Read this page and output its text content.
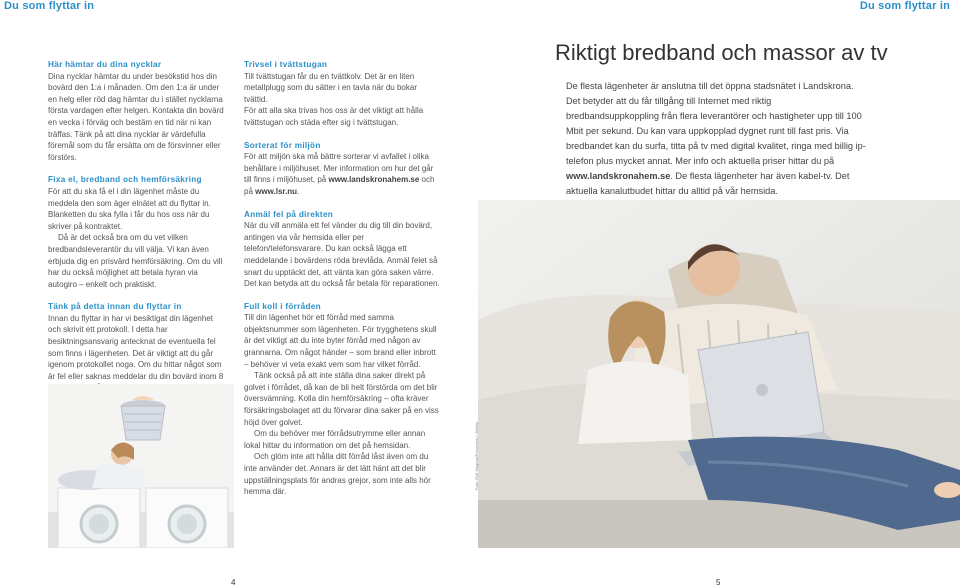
Du som flyttar in	Du som flyttar in
Här hämtar du dina nycklar

Dina nycklar hämtar du under besökstid hos din bovärd den 1:a i månaden. Om den 1:a är under en helg eller röd dag hämtar du i stället nycklarna första vardagen efter helgen. Kontakta din bovärd en vecka i förväg och bestäm en tid när ni kan träffas. Tänk på att dina nycklar är värdefulla föremål som du får ersätta om de försvinner eller förstörs.

Fixa el, bredband och hemförsäkring

För att du ska få el i din lägenhet måste du meddela den som äger elnätet att du flyttar in. Blanketten du ska fylla i får du hos oss när du skriver på kontraktet.

Då är det också bra om du vet vilken bredbandsleverantör du vill välja. Vi kan även erbjuda dig en prisvärd hemförsäkring. Om du vill har du också möjlighet att betala hyran via autogiro – enkelt och praktiskt.

Tänk på detta innan du flyttar in

Innan du flyttar in har vi besiktigat din lägenhet och skrivit ett protokoll. I detta har besiktningsansvarig antecknat de eventuella fel som finns i lägenheten. Det är viktigt att du går igenom protokollet noga. Om du hittar något som är fel eller saknas meddelar du din bovärd inom 8

Trivsel i tvättstugan

Till tvättstugan får du en tvättkolv. Det är en liten metallplugg som du sätter i en tavla när du bokar tvättid.

För att alla ska trivas hos oss är det viktigt att hålla tvättstugan och städa efter sig i tvättstugan.

Sorterat för miljön

För att miljön ska må bättre sorterar vi avfallet i olika behållare i miljöhuset. Mer information om hur det går till finns i miljöhuset, på www.landskronahem.se och på www.lsr.nu.

Anmäl fel på direkten

När du vill anmäla ett fel vänder du dig till din bovärd, antingen via vår hemsida eller per telefon/telefonsvarare. Du kan också lägga ett meddelande i bovärdens röda brevlåda. Anmäl felet så snart du upptäckt det, att vänta kan göra saken värre. Det kan betyda att du också får betala för reparationen.

Full koll i förråden

Till din lägenhet hör ett förråd med samma objektsnummer som lägenheten. För trygghetens skull är det viktigt att du inte byter förråd med någon av grannarna. Om något händer – som brand eller inbrott – behöver vi veta exakt vem som har vilket förråd.

Tänk också på att inte ställa dina saker direkt på golvet i förrådet, då kan de bli helt förstörda om det blir översvämning. Kolla din hemförsäkring – ofta kräver försäkringsbolaget att du förvarar dina saker på en viss höjd över golvet.

Om du behöver mer förrådsutrymme eller annan lokal hittar du information om det på hemsidan.

Och glöm inte att hålla ditt förråd låst även om du inte använder det. Annars är det lätt hänt att det blir uppställningsplats för andras grejor, som inte alls hör hemma där.

Riktigt bredband och massor av tv
De flesta lägenheter är anslutna till det öppna stadsnätet i Landskrona. Det betyder att du får tillgång till Internet med riktig bredbandsuppkoppling från flera leverantörer och hastigheter upp till 100 Mbit per sekund. Du kan vara uppkopplad dygnet runt till fast pris. Via bredbandet kan du surfa, titta på tv med digital kvalitet, ringa med billig ip-telefon plus mycket annat. Mer info och aktuella priser hittar du på www.landskronahem.se. De flesta lägenheter har även kabel-tv. Det aktuella kanalutbudet hittar du alltid på vår hemsida.
Foto: Rolf Magnus/Panorama / Jönköp
4	5
